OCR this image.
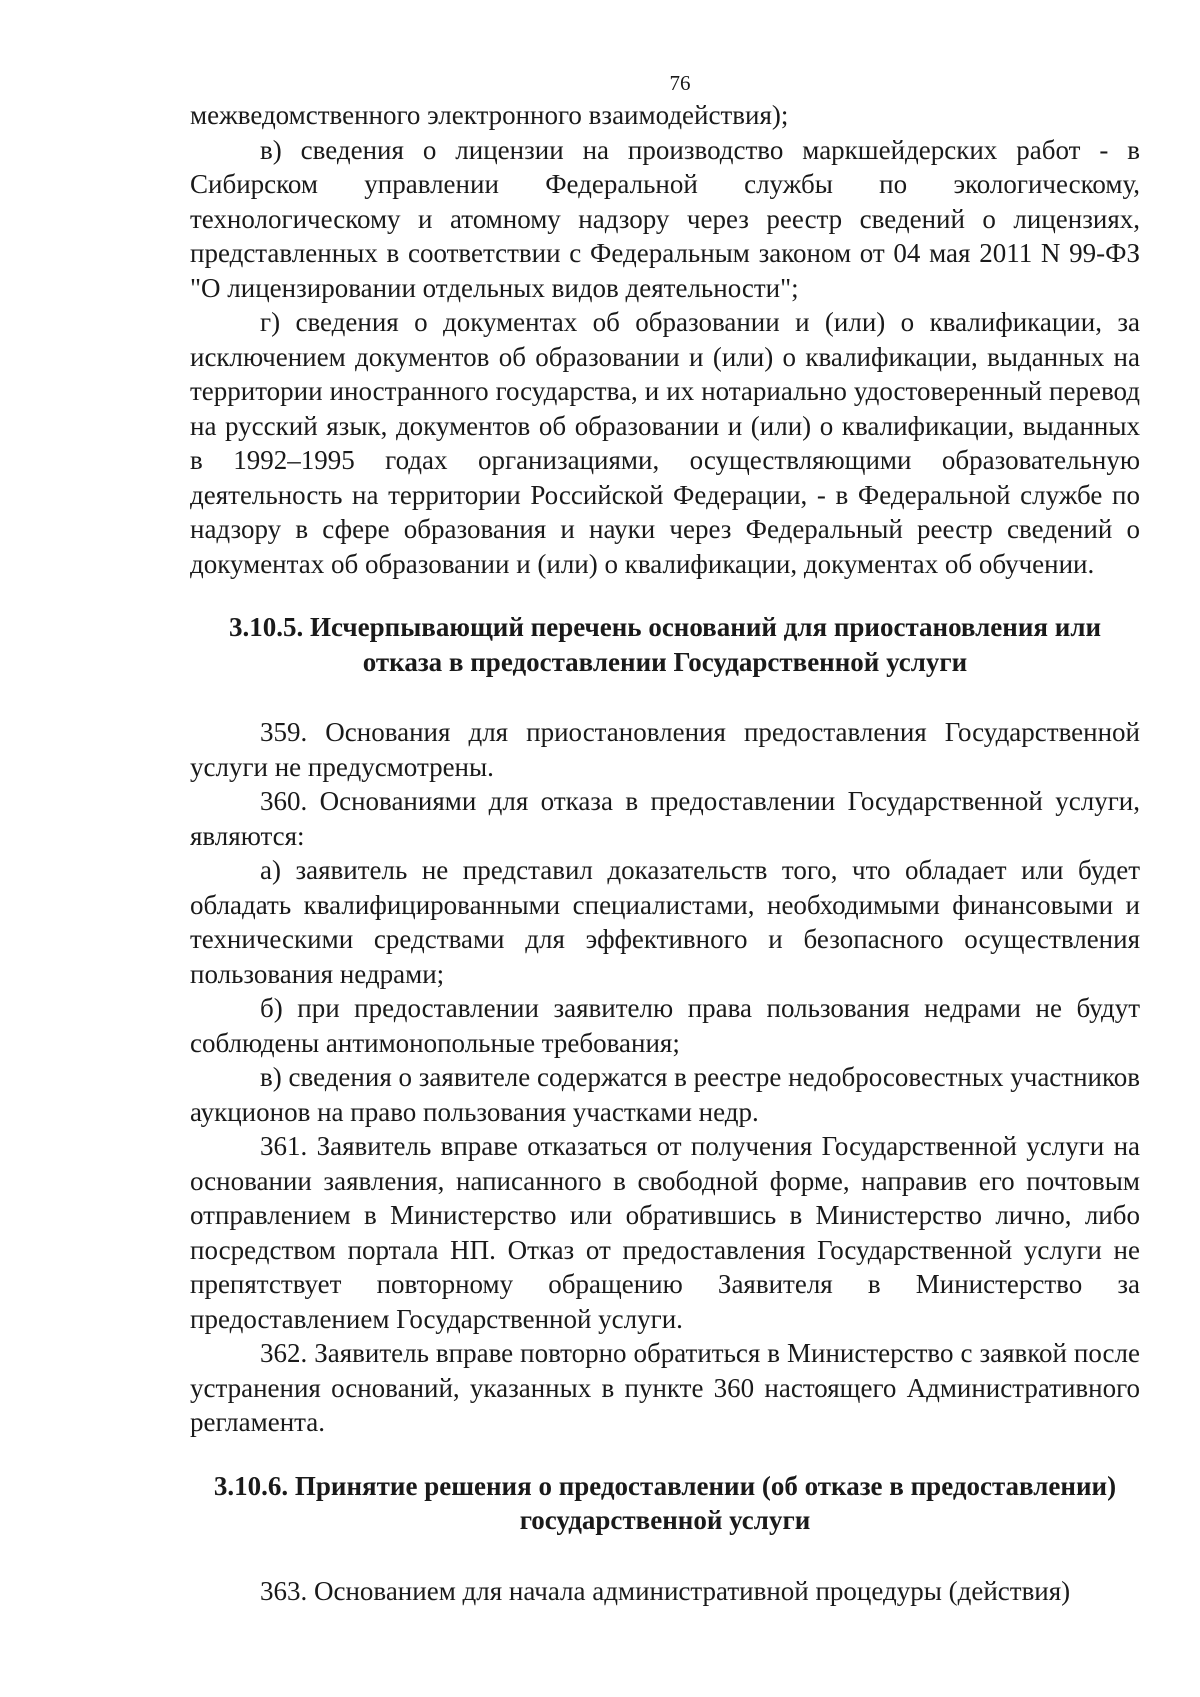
76

межведомственного электронного взаимодействия);

в) сведения о лицензии на производство маркшейдерских работ - в Сибирском управлении Федеральной службы по экологическому, технологическому и атомному надзору через реестр сведений о лицензиях, представленных в соответствии с Федеральным законом от 04 мая 2011 N 99-ФЗ "О лицензировании отдельных видов деятельности";

г) сведения о документах об образовании и (или) о квалификации, за исключением документов об образовании и (или) о квалификации, выданных на территории иностранного государства, и их нотариально удостоверенный перевод на русский язык, документов об образовании и (или) о квалификации, выданных в 1992–1995 годах организациями, осуществляющими образовательную деятельность на территории Российской Федерации, - в Федеральной службе по надзору в сфере образования и науки через Федеральный реестр сведений о документах об образовании и (или) о квалификации, документах об обучении.

3.10.5. Исчерпывающий перечень оснований для приостановления или отказа в предоставлении Государственной услуги

359. Основания для приостановления предоставления Государственной услуги не предусмотрены.

360. Основаниями для отказа в предоставлении Государственной услуги, являются:

а) заявитель не представил доказательств того, что обладает или будет обладать квалифицированными специалистами, необходимыми финансовыми и техническими средствами для эффективного и безопасного осуществления пользования недрами;

б) при предоставлении заявителю права пользования недрами не будут соблюдены антимонопольные требования;

в) сведения о заявителе содержатся в реестре недобросовестных участников аукционов на право пользования участками недр.

361. Заявитель вправе отказаться от получения Государственной услуги на основании заявления, написанного в свободной форме, направив его почтовым отправлением в Министерство или обратившись в Министерство лично, либо посредством портала НП. Отказ от предоставления Государственной услуги не препятствует повторному обращению Заявителя в Министерство за предоставлением Государственной услуги.

362. Заявитель вправе повторно обратиться в Министерство с заявкой после устранения оснований, указанных в пункте 360 настоящего Административного регламента.

3.10.6. Принятие решения о предоставлении (об отказе в предоставлении) государственной услуги

363. Основанием для начала административной процедуры (действия)
